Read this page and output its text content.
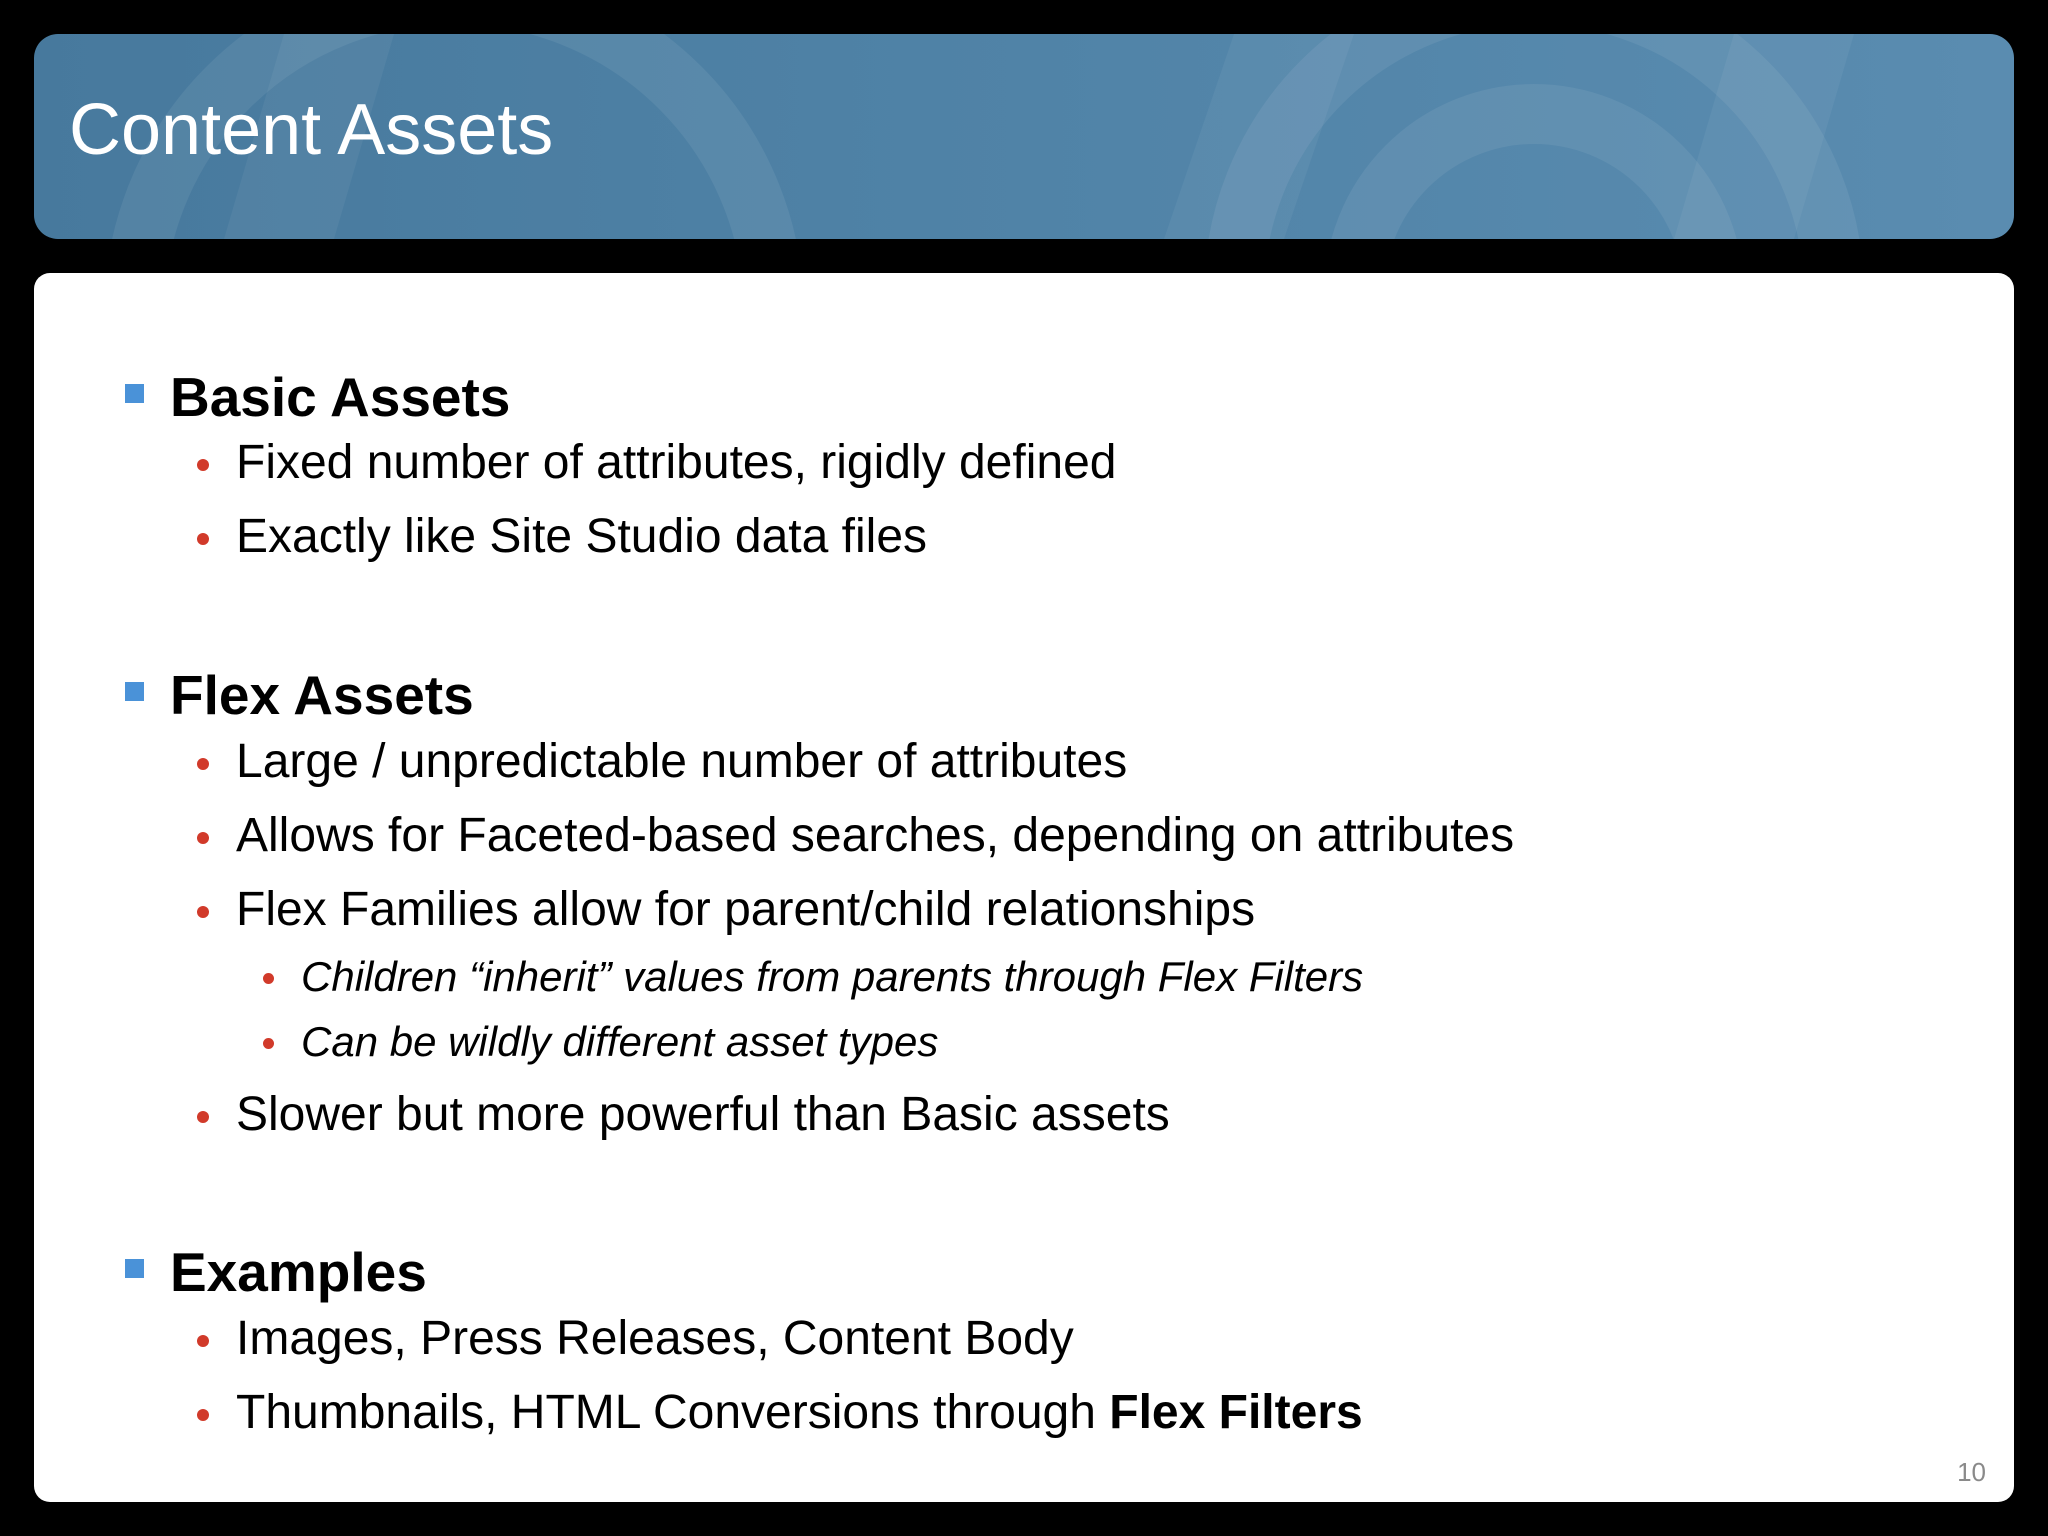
Content Assets
Basic Assets
Fixed number of attributes, rigidly defined
Exactly like Site Studio data files
Flex Assets
Large / unpredictable number of attributes
Allows for Faceted-based searches, depending on attributes
Flex Families allow for parent/child relationships
Children “inherit” values from parents through Flex Filters
Can be wildly different asset types
Slower but more powerful than Basic assets
Examples
Images, Press Releases, Content Body
Thumbnails, HTML Conversions through Flex Filters
10
